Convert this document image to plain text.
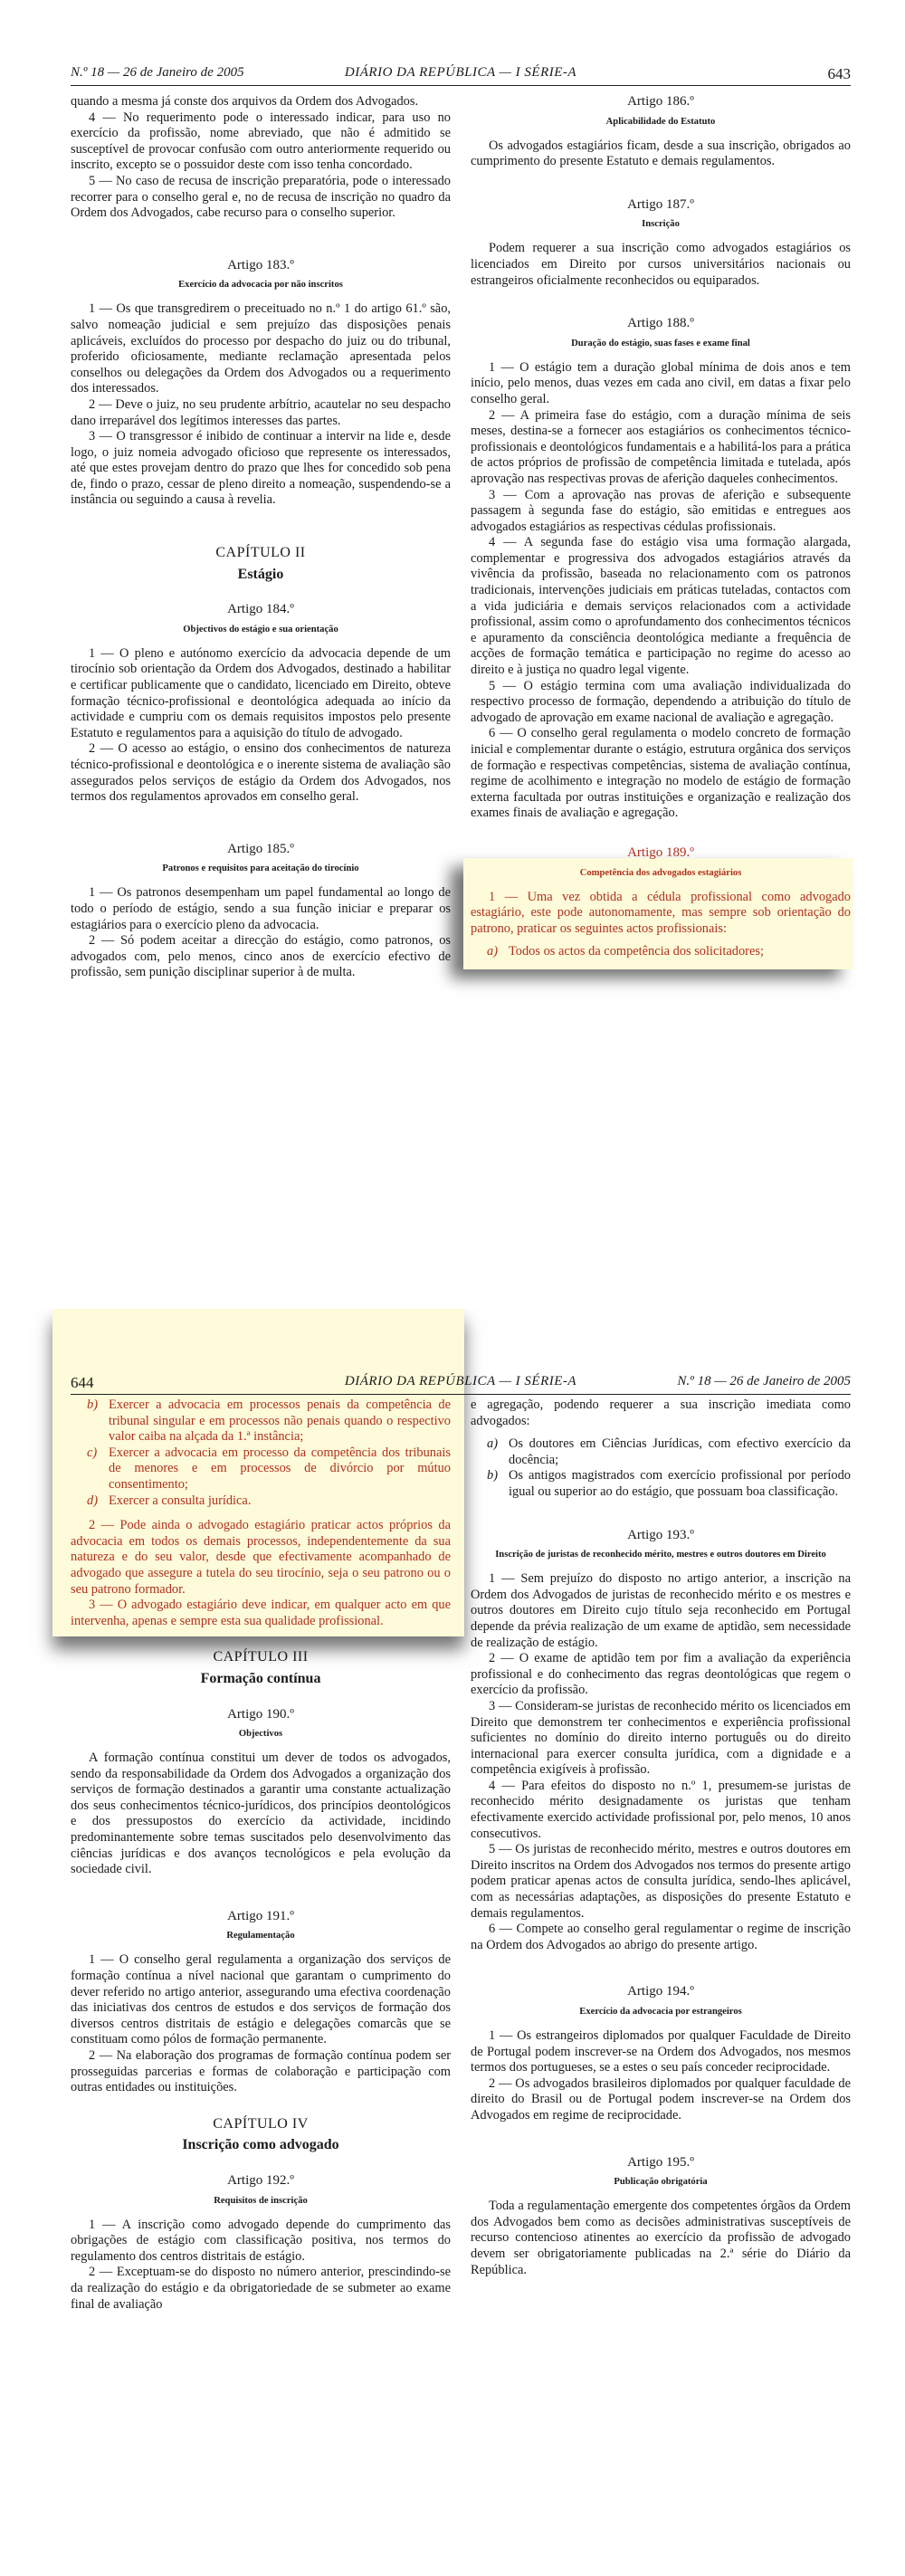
N.º 18 — 26 de Janeiro de 2005	DIÁRIO DA REPÚBLICA — I SÉRIE-A	643

quando a mesma já conste dos arquivos da Ordem dos Advogados.

4 — No requerimento pode o interessado indicar, para uso no exercício da profissão, nome abreviado, que não é admitido se susceptível de provocar confusão com outro anteriormente requerido ou inscrito, excepto se o possuidor deste com isso tenha concordado.

5 — No caso de recusa de inscrição preparatória, pode o interessado recorrer para o conselho geral e, no de recusa de inscrição no quadro da Ordem dos Advogados, cabe recurso para o conselho superior.

Artigo 183.º
Exercício da advocacia por não inscritos

1 — Os que transgredirem o preceituado no n.º 1 do artigo 61.º são, salvo nomeação judicial e sem prejuízo das disposições penais aplicáveis, excluídos do processo por despacho do juiz ou do tribunal, proferido oficiosamente, mediante reclamação apresentada pelos conselhos ou delegações da Ordem dos Advogados ou a requerimento dos interessados.

2 — Deve o juiz, no seu prudente arbítrio, acautelar no seu despacho dano irreparável dos legítimos interesses das partes.

3 — O transgressor é inibido de continuar a intervir na lide e, desde logo, o juiz nomeia advogado oficioso que represente os interessados, até que estes provejam dentro do prazo que lhes for concedido sob pena de, findo o prazo, cessar de pleno direito a nomeação, suspendendo-se a instância ou seguindo a causa à revelia.

CAPÍTULO II
Estágio
Artigo 184.º
Objectivos do estágio e sua orientação

1 — O pleno e autónomo exercício da advocacia depende de um tirocínio sob orientação da Ordem dos Advogados, destinado a habilitar e certificar publicamente que o candidato, licenciado em Direito, obteve formação técnico-profissional e deontológica adequada ao início da actividade e cumpriu com os demais requisitos impostos pelo presente Estatuto e regulamentos para a aquisição do título de advogado.

2 — O acesso ao estágio, o ensino dos conhecimentos de natureza técnico-profissional e deontológica e o inerente sistema de avaliação são assegurados pelos serviços de estágio da Ordem dos Advogados, nos termos dos regulamentos aprovados em conselho geral.

Artigo 185.º
Patronos e requisitos para aceitação do tirocínio

1 — Os patronos desempenham um papel fundamental ao longo de todo o período de estágio, sendo a sua função iniciar e preparar os estagiários para o exercício pleno da advocacia.

2 — Só podem aceitar a direcção do estágio, como patronos, os advogados com, pelo menos, cinco anos de exercício efectivo de profissão, sem punição disciplinar superior à de multa.

Artigo 186.º
Aplicabilidade do Estatuto

Os advogados estagiários ficam, desde a sua inscrição, obrigados ao cumprimento do presente Estatuto e demais regulamentos.

Artigo 187.º
Inscrição

Podem requerer a sua inscrição como advogados estagiários os licenciados em Direito por cursos universitários nacionais ou estrangeiros oficialmente reconhecidos ou equiparados.

Artigo 188.º
Duração do estágio, suas fases e exame final

1 — O estágio tem a duração global mínima de dois anos e tem início, pelo menos, duas vezes em cada ano civil, em datas a fixar pelo conselho geral.

2 — A primeira fase do estágio, com a duração mínima de seis meses, destina-se a fornecer aos estagiários os conhecimentos técnico-profissionais e deontológicos fundamentais e a habilitá-los para a prática de actos próprios de profissão de competência limitada e tutelada, após aprovação nas respectivas provas de aferição daqueles conhecimentos.

3 — Com a aprovação nas provas de aferição e subsequente passagem à segunda fase do estágio, são emitidas e entregues aos advogados estagiários as respectivas cédulas profissionais.

4 — A segunda fase do estágio visa uma formação alargada, complementar e progressiva dos advogados estagiários através da vivência da profissão, baseada no relacionamento com os patronos tradicionais, intervenções judiciais em práticas tuteladas, contactos com a vida judiciária e demais serviços relacionados com a actividade profissional, assim como o aprofundamento dos conhecimentos técnicos e apuramento da consciência deontológica mediante a frequência de acções de formação temática e participação no regime do acesso ao direito e à justiça no quadro legal vigente.

5 — O estágio termina com uma avaliação individualizada do respectivo processo de formação, dependendo a atribuição do título de advogado de aprovação em exame nacional de avaliação e agregação.

6 — O conselho geral regulamenta o modelo concreto de formação inicial e complementar durante o estágio, estrutura orgânica dos serviços de formação e respectivas competências, sistema de avaliação contínua, regime de acolhimento e integração no modelo de estágio de formação externa facultada por outras instituições e organização e realização dos exames finais de avaliação e agregação.

Artigo 189.º
Competência dos advogados estagiários

1 — Uma vez obtida a cédula profissional como advogado estagiário, este pode autonomamente, mas sempre sob orientação do patrono, praticar os seguintes actos profissionais:

a) Todos os actos da competência dos solicitadores;
644	DIÁRIO DA REPÚBLICA — I SÉRIE-A	N.º 18 — 26 de Janeiro de 2005
b) Exercer a advocacia em processos penais da competência de tribunal singular e em processos não penais quando o respectivo valor caiba na alçada da 1.ª instância;
c) Exercer a advocacia em processo da competência dos tribunais de menores e em processos de divórcio por mútuo consentimento;
d) Exercer a consulta jurídica.

2 — Pode ainda o advogado estagiário praticar actos próprios da advocacia em todos os demais processos, independentemente da sua natureza e do seu valor, desde que efectivamente acompanhado de advogado que assegure a tutela do seu tirocínio, seja o seu patrono ou o seu patrono formador.

3 — O advogado estagiário deve indicar, em qualquer acto em que intervenha, apenas e sempre esta sua qualidade profissional.

CAPÍTULO III
Formação contínua
Artigo 190.º
Objectivos

A formação contínua constitui um dever de todos os advogados, sendo da responsabilidade da Ordem dos Advogados a organização dos serviços de formação destinados a garantir uma constante actualização dos seus conhecimentos técnico-jurídicos, dos princípios deontológicos e dos pressupostos do exercício da actividade, incidindo predominantemente sobre temas suscitados pelo desenvolvimento das ciências jurídicas e dos avanços tecnológicos e pela evolução da sociedade civil.

Artigo 191.º
Regulamentação

1 — O conselho geral regulamenta a organização dos serviços de formação contínua a nível nacional que garantam o cumprimento do dever referido no artigo anterior, assegurando uma efectiva coordenação das iniciativas dos centros de estudos e dos serviços de formação dos diversos centros distritais de estágio e delegações comarcãs que se constituam como pólos de formação permanente.

2 — Na elaboração dos programas de formação contínua podem ser prosseguidas parcerias e formas de colaboração e participação com outras entidades ou instituições.

CAPÍTULO IV
Inscrição como advogado
Artigo 192.º
Requisitos de inscrição

1 — A inscrição como advogado depende do cumprimento das obrigações de estágio com classificação positiva, nos termos do regulamento dos centros distritais de estágio.

2 — Exceptuam-se do disposto no número anterior, prescindindo-se da realização do estágio e da obrigatoriedade de se submeter ao exame final de avaliação

e agregação, podendo requerer a sua inscrição imediata como advogados:

a) Os doutores em Ciências Jurídicas, com efectivo exercício da docência;
b) Os antigos magistrados com exercício profissional por período igual ou superior ao do estágio, que possuam boa classificação.
Artigo 193.º
Inscrição de juristas de reconhecido mérito, mestres e outros doutores em Direito

1 — Sem prejuízo do disposto no artigo anterior, a inscrição na Ordem dos Advogados de juristas de reconhecido mérito e os mestres e outros doutores em Direito cujo título seja reconhecido em Portugal depende da prévia realização de um exame de aptidão, sem necessidade de realização de estágio.

2 — O exame de aptidão tem por fim a avaliação da experiência profissional e do conhecimento das regras deontológicas que regem o exercício da profissão.

3 — Consideram-se juristas de reconhecido mérito os licenciados em Direito que demonstrem ter conhecimentos e experiência profissional suficientes no domínio do direito interno português ou do direito internacional para exercer consulta jurídica, com a dignidade e a competência exigíveis à profissão.

4 — Para efeitos do disposto no n.º 1, presumem-se juristas de reconhecido mérito designadamente os juristas que tenham efectivamente exercido actividade profissional por, pelo menos, 10 anos consecutivos.

5 — Os juristas de reconhecido mérito, mestres e outros doutores em Direito inscritos na Ordem dos Advogados nos termos do presente artigo podem praticar apenas actos de consulta jurídica, sendo-lhes aplicável, com as necessárias adaptações, as disposições do presente Estatuto e demais regulamentos.

6 — Compete ao conselho geral regulamentar o regime de inscrição na Ordem dos Advogados ao abrigo do presente artigo.

Artigo 194.º
Exercício da advocacia por estrangeiros

1 — Os estrangeiros diplomados por qualquer Faculdade de Direito de Portugal podem inscrever-se na Ordem dos Advogados, nos mesmos termos dos portugueses, se a estes o seu país conceder reciprocidade.

2 — Os advogados brasileiros diplomados por qualquer faculdade de direito do Brasil ou de Portugal podem inscrever-se na Ordem dos Advogados em regime de reciprocidade.

Artigo 195.º
Publicação obrigatória

Toda a regulamentação emergente dos competentes órgãos da Ordem dos Advogados bem como as decisões administrativas susceptíveis de recurso contencioso atinentes ao exercício da profissão de advogado devem ser obrigatoriamente publicadas na 2.ª série do Diário da República.
